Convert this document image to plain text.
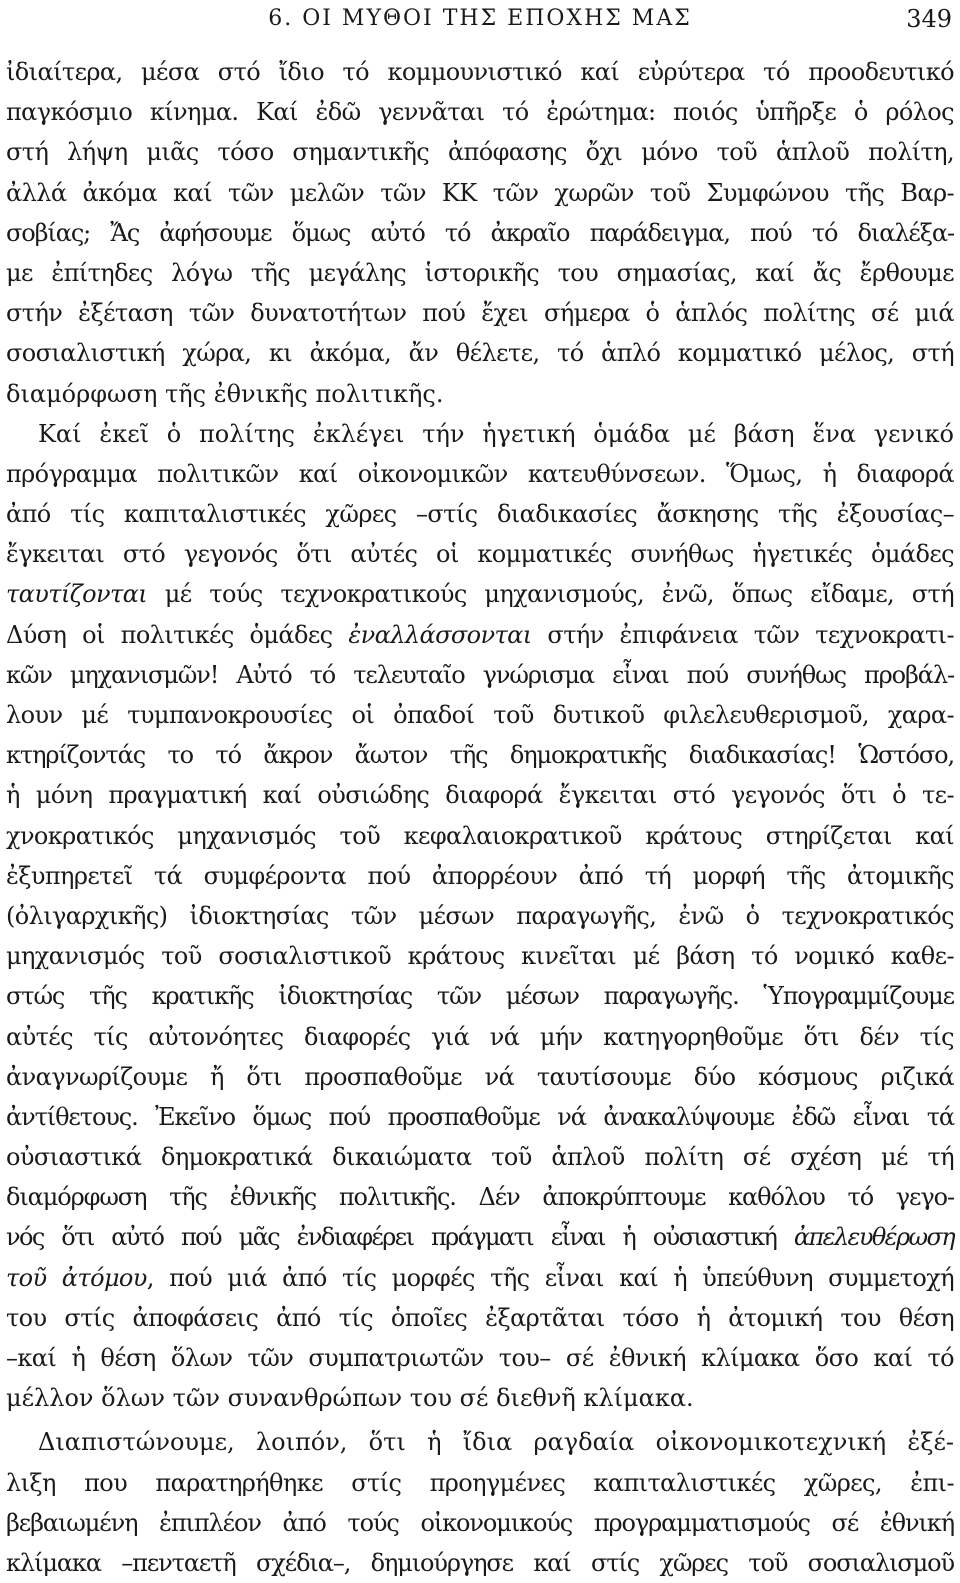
6. ΟΙ ΜΥΘΟΙ ΤΗΣ ΕΠΟΧΗΣ ΜΑΣ	349
ἰδιαίτερα, μέσα στό ἴδιο τό κομμουνιστικό καί εὐρύτερα τό προοδευτικό
παγκόσμιο κίνημα. Καί ἐδῶ γεννᾶται τό ἐρώτημα: ποιός ὑπῆρξε ὁ ρόλος
στή λήψη μιᾶς τόσο σημαντικῆς ἀπόφασης ὄχι μόνο τοῦ ἁπλοῦ πολίτη,
ἀλλά ἀκόμα καί τῶν μελῶν τῶν ΚΚ τῶν χωρῶν τοῦ Συμφώνου τῆς Βαρ-
σοβίας; Ἄς ἀφήσουμε ὅμως αὐτό τό ἀκραῖο παράδειγμα, πού τό διαλέξα-
με ἐπίτηδες λόγω τῆς μεγάλης ἱστορικῆς του σημασίας, καί ἄς ἔρθουμε
στήν ἐξέταση τῶν δυνατοτήτων πού ἔχει σήμερα ὁ ἁπλός πολίτης σέ μιά
σοσιαλιστική χώρα, κι ἀκόμα, ἄν θέλετε, τό ἁπλό κομματικό μέλος, στή
διαμόρφωση τῆς ἐθνικῆς πολιτικῆς.
Καί ἐκεῖ ὁ πολίτης ἐκλέγει τήν ἡγετική ὁμάδα μέ βάση ἕνα γενικό
πρόγραμμα πολιτικῶν καί οἰκονομικῶν κατευθύνσεων. Ὅμως, ἡ διαφορά
ἀπό τίς καπιταλιστικές χῶρες –στίς διαδικασίες ἄσκησης τῆς ἐξουσίας–
ἔγκειται στό γεγονός ὅτι αὐτές οἱ κομματικές συνήθως ἡγετικές ὁμάδες
ταυτίζονται μέ τούς τεχνοκρατικούς μηχανισμούς, ἐνῶ, ὅπως εἴδαμε, στή
Δύση οἱ πολιτικές ὁμάδες ἐναλλάσσονται στήν ἐπιφάνεια τῶν τεχνοκρατι-
κῶν μηχανισμῶν! Αὐτό τό τελευταῖο γνώρισμα εἶναι πού συνήθως προβάλ-
λουν μέ τυμπανοκρουσίες οἱ ὀπαδοί τοῦ δυτικοῦ φιλελευθερισμοῦ, χαρα-
κτηρίζοντάς το τό ἄκρον ἄωτον τῆς δημοκρατικῆς διαδικασίας! Ὡστόσο,
ἡ μόνη πραγματική καί οὐσιώδης διαφορά ἔγκειται στό γεγονός ὅτι ὁ τε-
χνοκρατικός μηχανισμός τοῦ κεφαλαιοκρατικοῦ κράτους στηρίζεται καί
ἐξυπηρετεῖ τά συμφέροντα πού ἀπορρέουν ἀπό τή μορφή τῆς ἀτομικῆς
(ὀλιγαρχικῆς) ἰδιοκτησίας τῶν μέσων παραγωγῆς, ἐνῶ ὁ τεχνοκρατικός
μηχανισμός τοῦ σοσιαλιστικοῦ κράτους κινεῖται μέ βάση τό νομικό καθε-
στώς τῆς κρατικῆς ἰδιοκτησίας τῶν μέσων παραγωγῆς. Ὑπογραμμίζουμε
αὐτές τίς αὐτονόητες διαφορές γιά νά μήν κατηγορηθοῦμε ὅτι δέν τίς
ἀναγνωρίζουμε ἤ ὅτι προσπαθοῦμε νά ταυτίσουμε δύο κόσμους ριζικά
ἀντίθετους. Ἐκεῖνο ὅμως πού προσπαθοῦμε νά ἀνακαλύψουμε ἐδῶ εἶναι τά
οὐσιαστικά δημοκρατικά δικαιώματα τοῦ ἁπλοῦ πολίτη σέ σχέση μέ τή
διαμόρφωση τῆς ἐθνικῆς πολιτικῆς. Δέν ἀποκρύπτουμε καθόλου τό γεγο-
νός ὅτι αὐτό πού μᾶς ἐνδιαφέρει πράγματι εἶναι ἡ οὐσιαστική ἀπελευθέρωση
τοῦ ἀτόμου, πού μιά ἀπό τίς μορφές τῆς εἶναι καί ἡ ὑπεύθυνη συμμετοχή
του στίς ἀποφάσεις ἀπό τίς ὁποῖες ἐξαρτᾶται τόσο ἡ ἀτομική του θέση
–καί ἡ θέση ὅλων τῶν συμπατριωτῶν του– σέ ἐθνική κλίμακα ὅσο καί τό
μέλλον ὅλων τῶν συνανθρώπων του σέ διεθνῆ κλίμακα.
Διαπιστώνουμε, λοιπόν, ὅτι ἡ ἴδια ραγδαία οἰκονομικοτεχνική ἐξέ-
λιξη που παρατηρήθηκε στίς προηγμένες καπιταλιστικές χῶρες, ἐπι-
βεβαιωμένη ἐπιπλέον ἀπό τούς οἰκονομικούς προγραμματισμούς σέ ἐθνική
κλίμακα –πενταετῆ σχέδια–, δημιούργησε καί στίς χῶρες τοῦ σοσιαλισμοῦ
